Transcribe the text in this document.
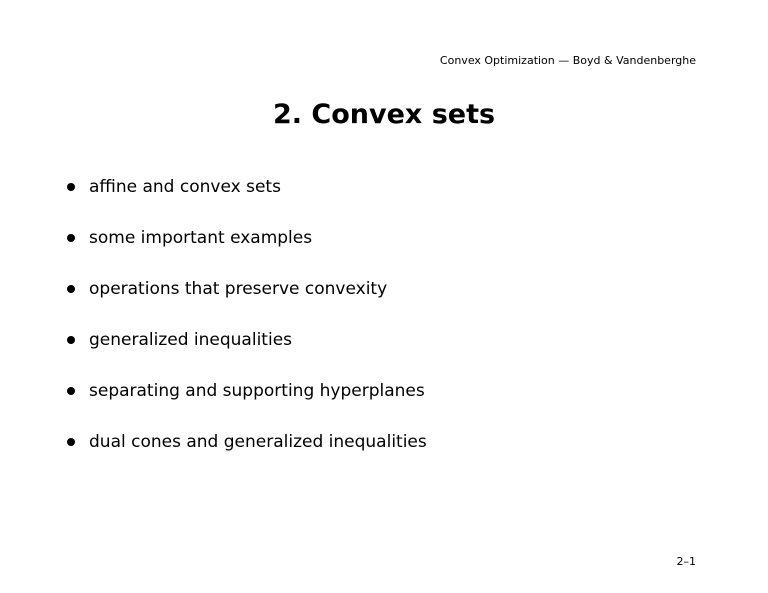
Convex Optimization — Boyd & Vandenberghe
2. Convex sets
affine and convex sets
some important examples
operations that preserve convexity
generalized inequalities
separating and supporting hyperplanes
dual cones and generalized inequalities
2–1
